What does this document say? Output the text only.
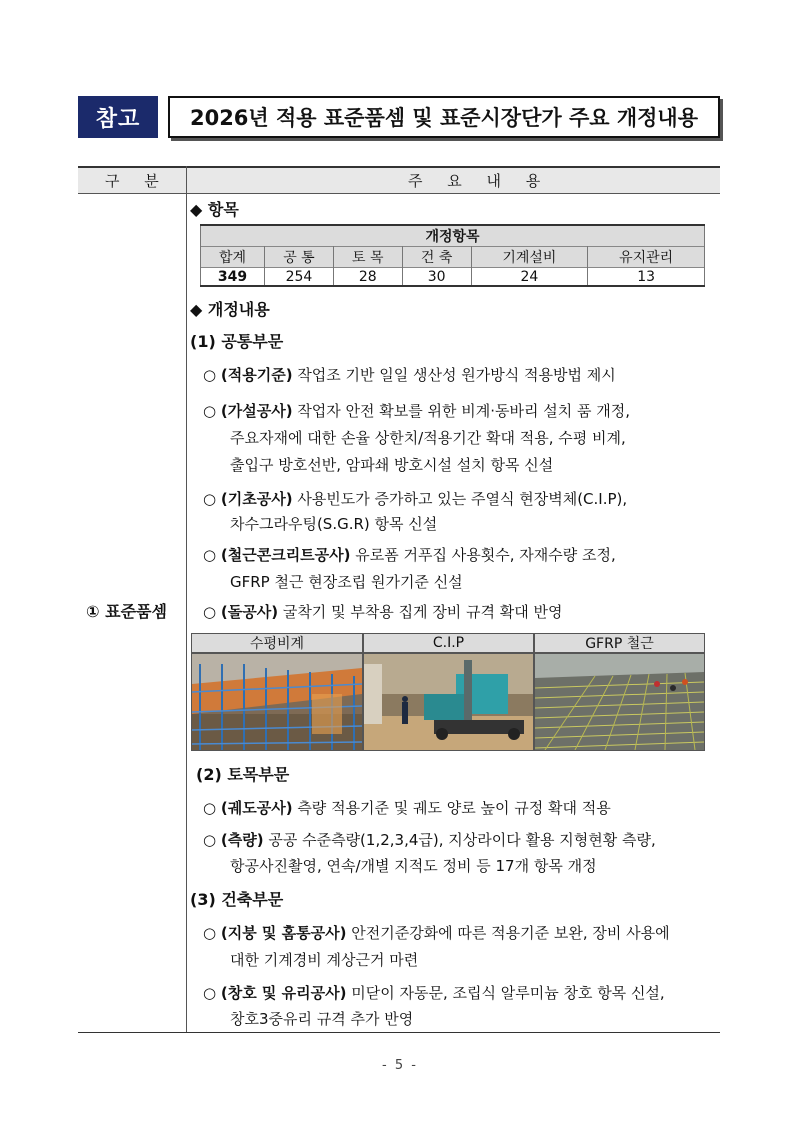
참고	2026년 적용 표준품셈 및 표준시장단가 주요 개정내용
구 분	주 요 내 용
① 표준품셈
◆ 항목
개정항목					
합계	공 통	토 목	건 축	기계설비	유지관리
349	254	28	30	24	13
◆ 개정내용
(1) 공통부문
○ (적용기준) 작업조 기반 일일 생산성 원가방식 적용방법 제시
○ (가설공사) 작업자 안전 확보를 위한 비계·동바리 설치 품 개정,
주요자재에 대한 손율 상한치/적용기간 확대 적용, 수평 비계,
출입구 방호선반, 암파쇄 방호시설 설치 항목 신설
○ (기초공사) 사용빈도가 증가하고 있는 주열식 현장벽체(C.I.P),
차수그라우팅(S.G.R) 항목 신설
○ (철근콘크리트공사) 유로폼 거푸집 사용횟수, 자재수량 조정,
GFRP 철근 현장조립 원가기준 신설
○ (돌공사) 굴착기 및 부착용 집게 장비 규격 확대 반영
수평비계	C.I.P	GFRP 철근
(2) 토목부문
○ (궤도공사) 측량 적용기준 및 궤도 양로 높이 규정 확대 적용
○ (측량) 공공 수준측량(1,2,3,4급), 지상라이다 활용 지형현황 측량,
항공사진촬영, 연속/개별 지적도 정비 등 17개 항목 개정
(3) 건축부문
○ (지붕 및 홈통공사) 안전기준강화에 따른 적용기준 보완, 장비 사용에
대한 기계경비 계상근거 마련
○ (창호 및 유리공사) 미닫이 자동문, 조립식 알루미늄 창호 항목 신설,
창호3중유리 규격 추가 반영
- 5 -
